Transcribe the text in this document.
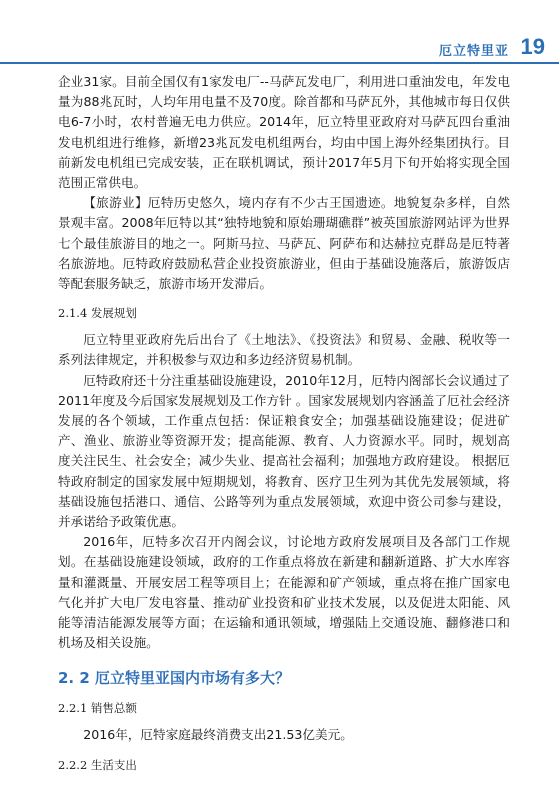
厄立特里亚 19

企业31家。目前全国仅有1家发电厂--马萨瓦发电厂，利用进口重油发电，年发电量为88兆瓦时，人均年用电量不及70度。除首都和马萨瓦外，其他城市每日仅供电6-7小时，农村普遍无电力供应。2014年，厄立特里亚政府对马萨瓦四台重油发电机组进行维修，新增23兆瓦发电机组两台，均由中国上海外经集团执行。目前新发电机组已完成安装，正在联机调试，预计2017年5月下旬开始将实现全国范围正常供电。

【旅游业】厄特历史悠久，境内存有不少古王国遗迹。地貌复杂多样，自然景观丰富。2008年厄特以其“独特地貌和原始珊瑚礁群”被英国旅游网站评为世界七个最佳旅游目的地之一。阿斯马拉、马萨瓦、阿萨布和达赫拉克群岛是厄特著名旅游地。厄特政府鼓励私营企业投资旅游业，但由于基础设施落后，旅游饭店等配套服务缺乏，旅游市场开发滞后。

2.1.4 发展规划

厄立特里亚政府先后出台了《土地法》、《投资法》和贸易、金融、税收等一系列法律规定，并积极参与双边和多边经济贸易机制。

厄特政府还十分注重基础设施建设，2010年12月，厄特内阁部长会议通过了2011年度及今后国家发展规划及工作方针 。国家发展规划内容涵盖了厄社会经济发展的各个领域，工作重点包括：保证粮食安全；加强基础设施建设；促进矿产、渔业、旅游业等资源开发；提高能源、教育、人力资源水平。同时，规划高度关注民生、社会安全；减少失业、提高社会福利；加强地方政府建设。 根据厄特政府制定的国家发展中短期规划，将教育、医疗卫生列为其优先发展领域，将基础设施包括港口、通信、公路等列为重点发展领域，欢迎中资公司参与建设，并承诺给予政策优惠。

2016年，厄特多次召开内阁会议，讨论地方政府发展项目及各部门工作规划。在基础设施建设领域，政府的工作重点将放在新建和翻新道路、扩大水库容量和灌溉量、开展安居工程等项目上；在能源和矿产领域，重点将在推广国家电气化并扩大电厂发电容量、推动矿业投资和矿业技术发展，以及促进太阳能、风能等清洁能源发展等方面；在运输和通讯领域，增强陆上交通设施、翻修港口和机场及相关设施。

2. 2 厄立特里亚国内市场有多大？
2.2.1 销售总额

2016年，厄特家庭最终消费支出21.53亿美元。

2.2.2 生活支出
